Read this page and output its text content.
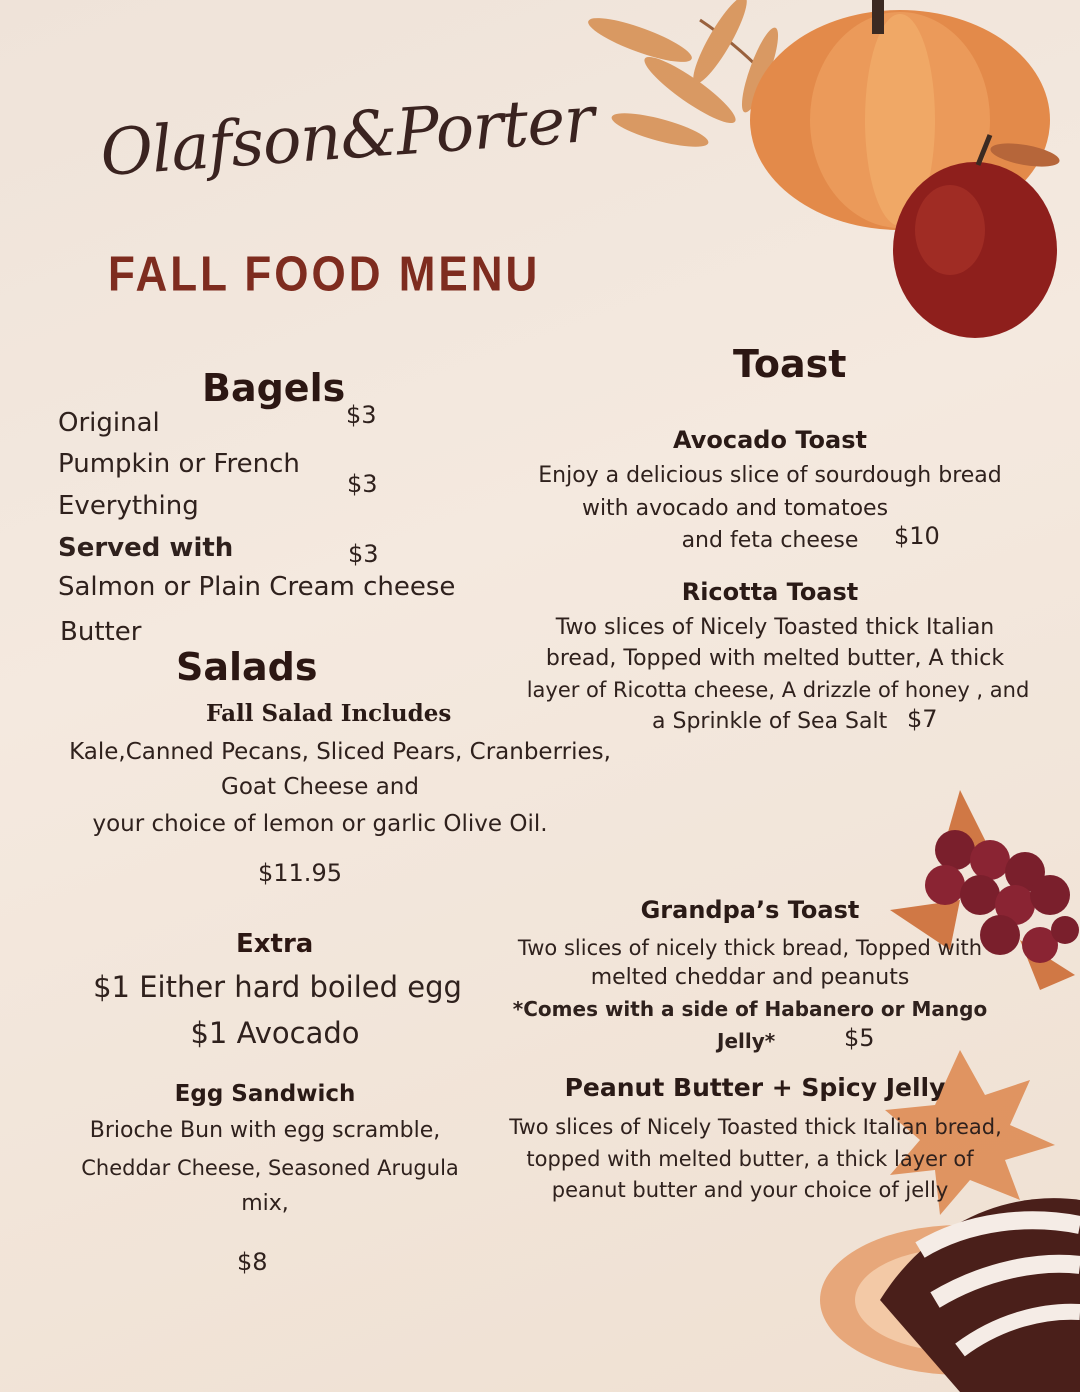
Olafson&Porter
FALL FOOD MENU
Bagels
Original
Pumpkin or French
Everything
Served with
Salmon or Plain Cream cheese
Butter
$3
$3
$3
Salads
Fall Salad Includes
Kale,Canned Pecans, Sliced Pears, Cranberries,
Goat Cheese and
your choice of lemon or garlic Olive Oil.
$11.95
Extra
$1 Either hard boiled egg
$1 Avocado
Egg Sandwich
Brioche Bun with egg scramble,
Cheddar Cheese, Seasoned Arugula
mix,
$8
Toast
Avocado Toast
Enjoy a delicious slice of sourdough bread
with avocado and tomatoes
and feta cheese	$10
Ricotta Toast
Two slices of Nicely Toasted thick Italian
bread, Topped with melted butter, A thick
layer of Ricotta cheese, A drizzle of honey , and
a Sprinkle of Sea Salt $7
Grandpa’s Toast
Two slices of nicely thick bread, Topped with
melted cheddar and peanuts
*Comes with a side of Habanero or Mango
Jelly*	$5
Peanut Butter + Spicy Jelly
Two slices of Nicely Toasted thick Italian bread,
topped with melted butter, a thick layer of
peanut butter and your choice of jelly
